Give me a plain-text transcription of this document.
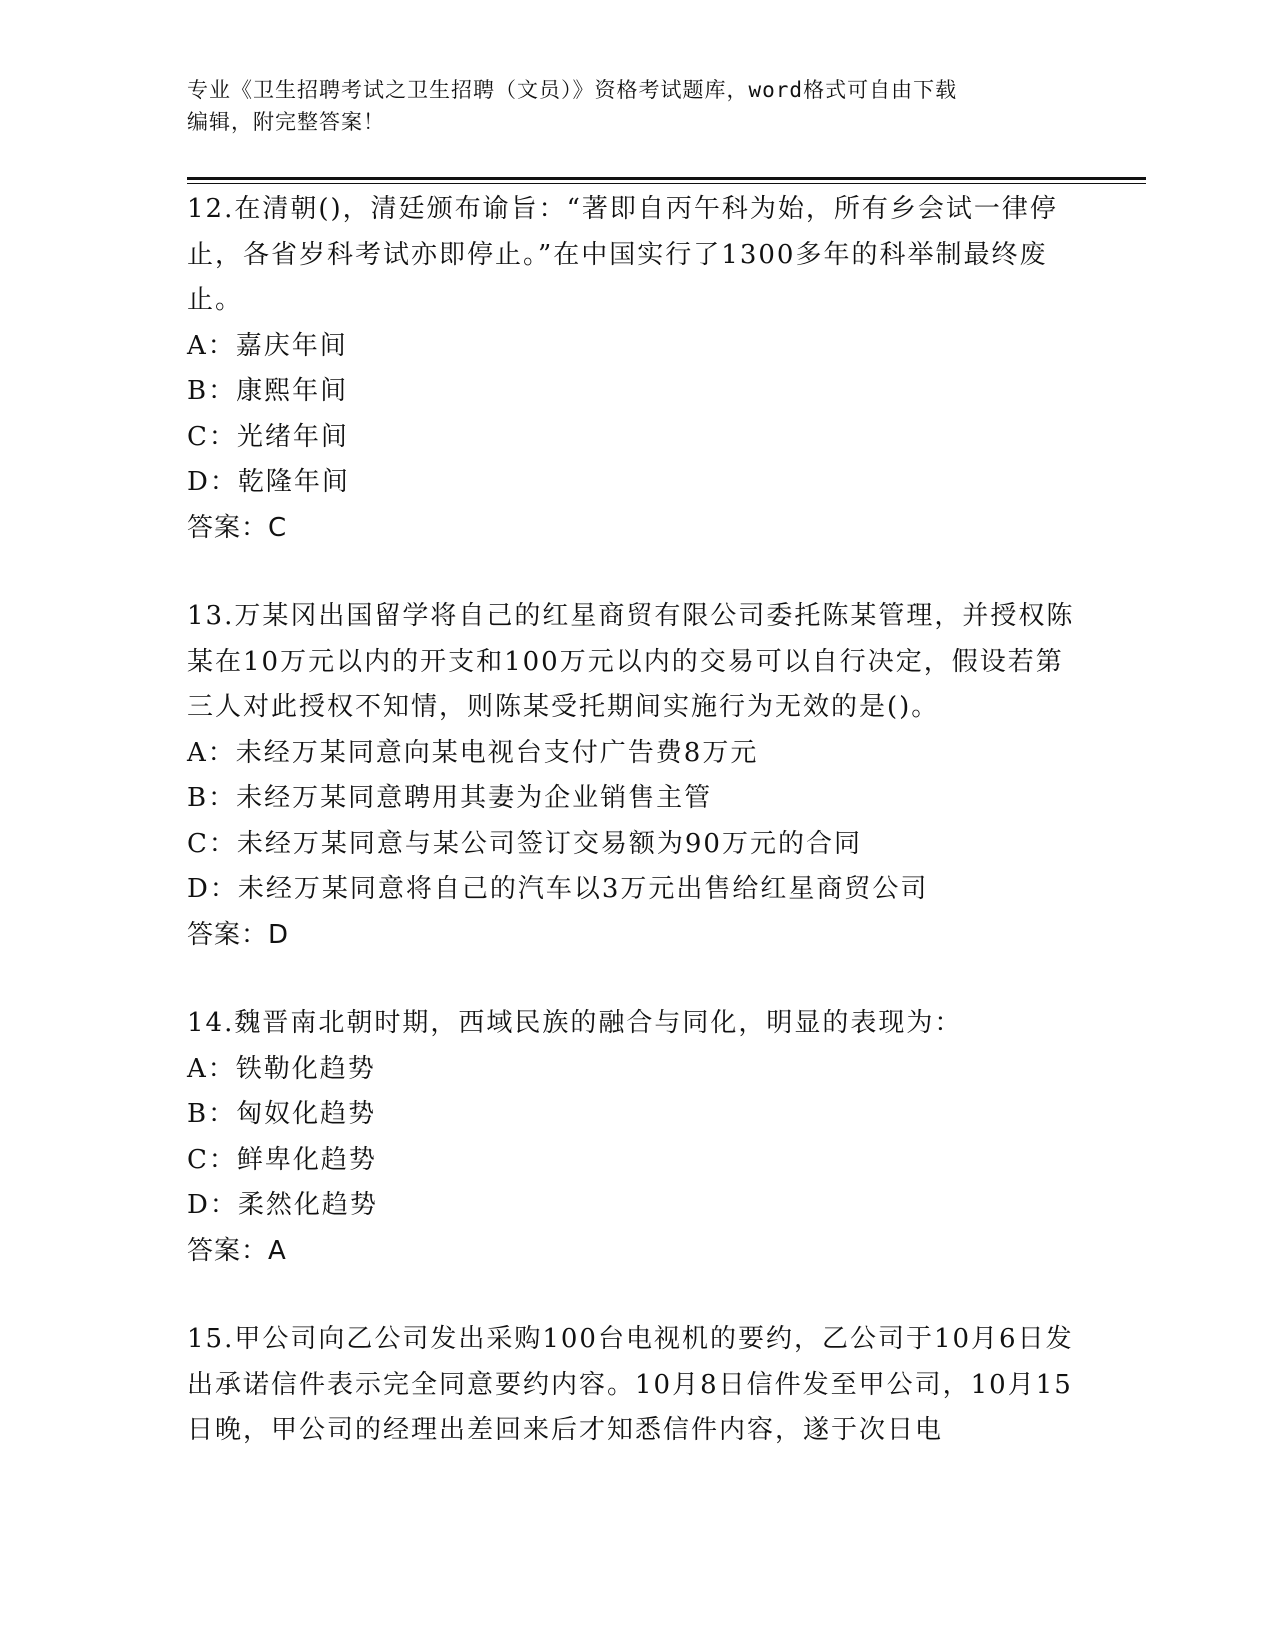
专业《卫生招聘考试之卫生招聘（文员）》资格考试题库，word格式可自由下载
编辑，附完整答案！
12.在清朝()，清廷颁布谕旨：“著即自丙午科为始，所有乡会试一律停止，各省岁科考试亦即停止。”在中国实行了1300多年的科举制最终废止。
A：嘉庆年间
B：康熙年间
C：光绪年间
D：乾隆年间
答案：C
13.万某冈出国留学将自己的红星商贸有限公司委托陈某管理，并授权陈某在10万元以内的开支和100万元以内的交易可以自行决定，假设若第三人对此授权不知情，则陈某受托期间实施行为无效的是()。
A：未经万某同意向某电视台支付广告费8万元
B：未经万某同意聘用其妻为企业销售主管
C：未经万某同意与某公司签订交易额为90万元的合同
D：未经万某同意将自己的汽车以3万元出售给红星商贸公司
答案：D
14.魏晋南北朝时期，西域民族的融合与同化，明显的表现为：
A：铁勒化趋势
B：匈奴化趋势
C：鲜卑化趋势
D：柔然化趋势
答案：A
15.甲公司向乙公司发出采购100台电视机的要约，乙公司于10月6日发出承诺信件表示完全同意要约内容。10月8日信件发至甲公司，10月15日晚，甲公司的经理出差回来后才知悉信件内容，遂于次日电
